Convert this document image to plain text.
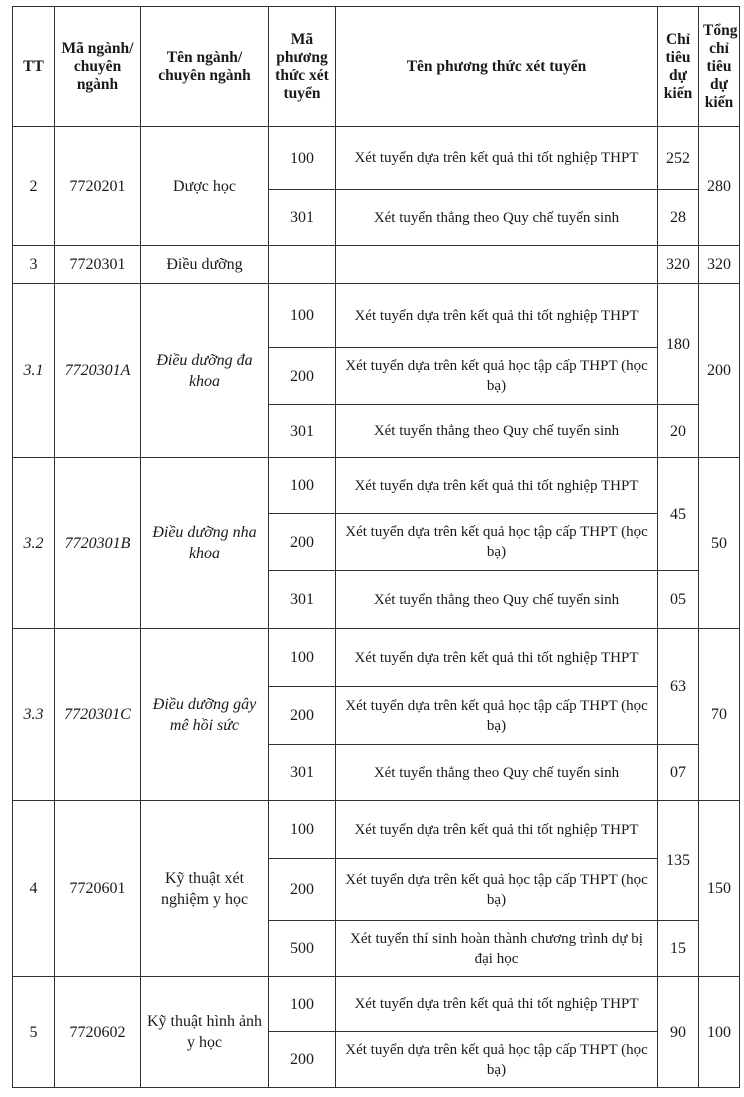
TT	Mã ngành/ chuyên ngành	Tên ngành/ chuyên ngành	Mã phương thức xét tuyển	Tên phương thức xét tuyển	Chỉ tiêu dự kiến	Tổng chỉ tiêu dự kiến
2	7720201	Dược học	100	Xét tuyển dựa trên kết quả thi tốt nghiệp THPT	252	280
			301	Xét tuyển thẳng theo Quy chế tuyển sinh	28	
3	7720301	Điều dưỡng			320	320
3.1	7720301A	Điều dưỡng đa khoa	100	Xét tuyển dựa trên kết quả thi tốt nghiệp THPT	180	200
			200	Xét tuyển dựa trên kết quả học tập cấp THPT (học bạ)		
			301	Xét tuyển thẳng theo Quy chế tuyển sinh	20	
3.2	7720301B	Điều dưỡng nha khoa	100	Xét tuyển dựa trên kết quả thi tốt nghiệp THPT	45	50
			200	Xét tuyển dựa trên kết quả học tập cấp THPT (học bạ)		
			301	Xét tuyển thẳng theo Quy chế tuyển sinh	05	
3.3	7720301C	Điều dưỡng gây mê hồi sức	100	Xét tuyển dựa trên kết quả thi tốt nghiệp THPT	63	70
			200	Xét tuyển dựa trên kết quả học tập cấp THPT (học bạ)		
			301	Xét tuyển thẳng theo Quy chế tuyển sinh	07	
4	7720601	Kỹ thuật xét nghiệm y học	100	Xét tuyển dựa trên kết quả thi tốt nghiệp THPT	135	150
			200	Xét tuyển dựa trên kết quả học tập cấp THPT (học bạ)		
			500	Xét tuyển thí sinh hoàn thành chương trình dự bị đại học	15	
5	7720602	Kỹ thuật hình ảnh y học	100	Xét tuyển dựa trên kết quả thi tốt nghiệp THPT	90	100
			200	Xét tuyển dựa trên kết quả học tập cấp THPT (học bạ)		
